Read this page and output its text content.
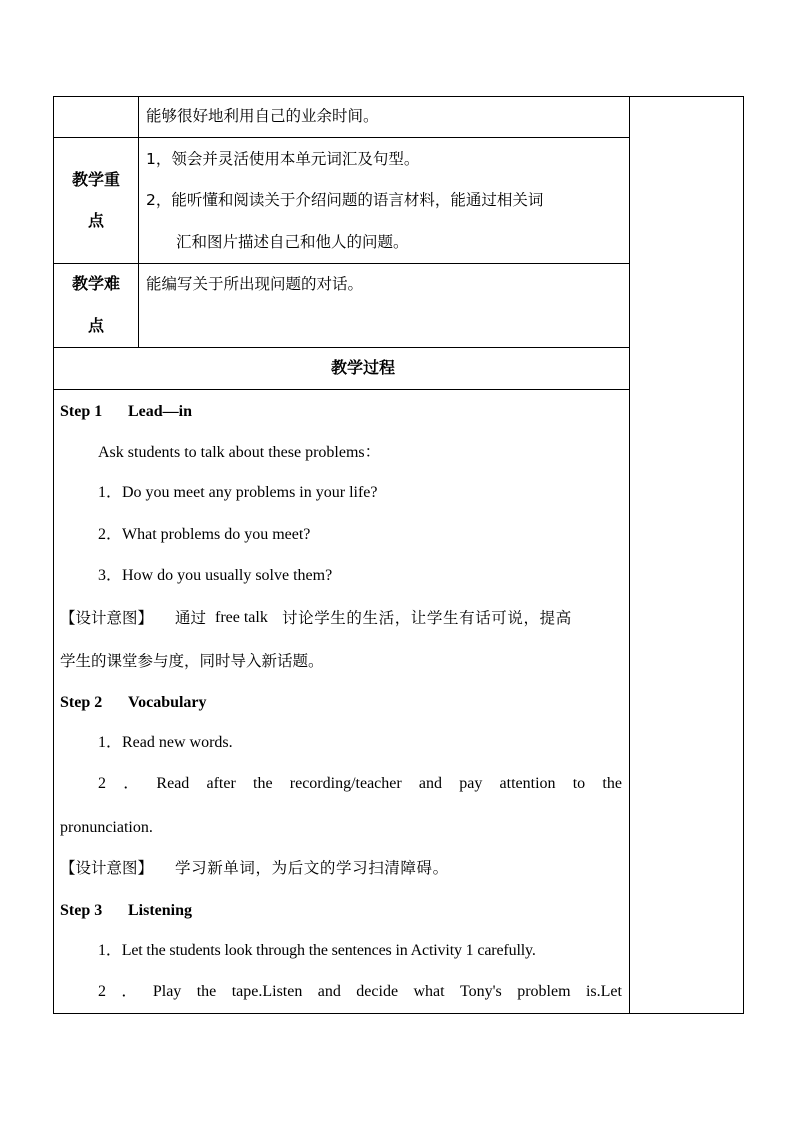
能够很好地利用自己的业余时间。
教学重
点
1，领会并灵活使用本单元词汇及句型。
2，能听懂和阅读关于介绍问题的语言材料，能通过相关词
汇和图片描述自己和他人的问题。
教学难
点
能编写关于所出现问题的对话。
教学过程
Step 1 Lead—in
Ask students to talk about these problems：
1．Do you meet any problems in your life?
2．What problems do you meet?
3．How do you usually solve them?
【设计意图】 通过 free talk 讨论学生的生活，让学生有话可说，提高
学生的课堂参与度，同时导入新话题。
Step 2 Vocabulary
1．Read new words.
2 ． Read after the recording/teacher and pay attention to the
pronunciation.
【设计意图】 学习新单词，为后文的学习扫清障碍。
Step 3 Listening
1．Let the students look through the sentences in Activity 1 carefully.
2 ． Play the tape.Listen and decide what Tony's problem is.Let
